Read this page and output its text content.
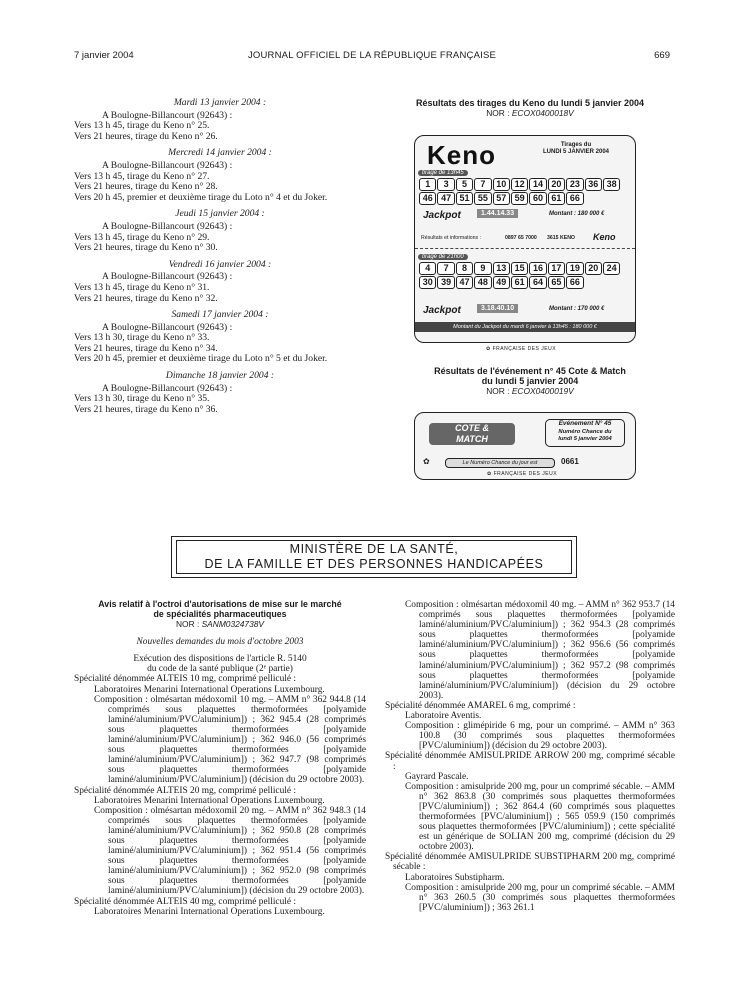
7 janvier 2004	JOURNAL OFFICIEL DE LA RÉPUBLIQUE FRANÇAISE	669
Mardi 13 janvier 2004 :
A Boulogne-Billancourt (92643) :
Vers 13 h 45, tirage du Keno n° 25.
Vers 21 heures, tirage du Keno n° 26.
Mercredi 14 janvier 2004 :
A Boulogne-Billancourt (92643) :
Vers 13 h 45, tirage du Keno n° 27.
Vers 21 heures, tirage du Keno n° 28.
Vers 20 h 45, premier et deuxième tirage du Loto n° 4 et du Joker.
Jeudi 15 janvier 2004 :
A Boulogne-Billancourt (92643) :
Vers 13 h 45, tirage du Keno n° 29.
Vers 21 heures, tirage du Keno n° 30.
Vendredi 16 janvier 2004 :
A Boulogne-Billancourt (92643) :
Vers 13 h 45, tirage du Keno n° 31.
Vers 21 heures, tirage du Keno n° 32.
Samedi 17 janvier 2004 :
A Boulogne-Billancourt (92643) :
Vers 13 h 30, tirage du Keno n° 33.
Vers 21 heures, tirage du Keno n° 34.
Vers 20 h 45, premier et deuxième tirage du Loto n° 5 et du Joker.
Dimanche 18 janvier 2004 :
A Boulogne-Billancourt (92643) :
Vers 13 h 30, tirage du Keno n° 35.
Vers 21 heures, tirage du Keno n° 36.
Résultats des tirages du Keno du lundi 5 janvier 2004
NOR : ECOX0400018V
Keno	Tirages du
LUNDI 5 JANVIER 2004
tirage de 13h45
1	3	5	7	10 12 14 20 23 36 38
46 47 51 55 57 59 60 61 66
Jackpot	1.44.14.33	Montant : 180 000 €
Résultats et informations :	0897 65 7000 3615 KENO Keno
tirage de 21h00
4	7	8	9	13 15 16 17 19 20 24
30 39 47 48 49 61 64 65 66
Jackpot	3.18.40.10	Montant : 170 000 €
Montant du Jackpot du mardi 6 janvier à 13h45 : 180 000 €
✿ FRANÇAISE DES JEUX
Résultats de l'événement n° 45 Cote & Match
du lundi 5 janvier 2004
NOR : ECOX0400019V
COTE &
MATCH
Evénement N° 45
Numéro Chance du
lundi 5 janvier 2004
✿	Le Numéro Chance du jour est	0661
✿ FRANÇAISE DES JEUX
MINISTÈRE DE LA SANTÉ,
DE LA FAMILLE ET DES PERSONNES HANDICAPÉES
Avis relatif à l'octroi d'autorisations de mise sur le marché
de spécialités pharmaceutiques
NOR : SANM0324738V
Nouvelles demandes du mois d'octobre 2003
Exécution des dispositions de l'article R. 5140
du code de la santé publique (2ᵉ partie)
Spécialité dénommée ALTEIS 10 mg, comprimé pelliculé :
Laboratoires Menarini International Operations Luxembourg.
Composition : olmésartan médoxomil 10 mg. – AMM n° 362 944.8 (14 comprimés sous plaquettes thermoformées [polyamide laminé/aluminium/PVC/aluminium]) ; 362 945.4 (28 comprimés sous plaquettes thermoformées [polyamide laminé/aluminium/PVC/aluminium]) ; 362 946.0 (56 comprimés sous plaquettes thermoformées [polyamide laminé/aluminium/PVC/aluminium]) ; 362 947.7 (98 comprimés sous plaquettes thermoformées [polyamide laminé/aluminium/PVC/aluminium]) (décision du 29 octobre 2003).
Spécialité dénommée ALTEIS 20 mg, comprimé pelliculé :
Laboratoires Menarini International Operations Luxembourg.
Composition : olmésartan médoxomil 20 mg. – AMM n° 362 948.3 (14 comprimés sous plaquettes thermoformées [polyamide laminé/aluminium/PVC/aluminium]) ; 362 950.8 (28 comprimés sous plaquettes thermoformées [polyamide laminé/aluminium/PVC/aluminium]) ; 362 951.4 (56 comprimés sous plaquettes thermoformées [polyamide laminé/aluminium/PVC/aluminium]) ; 362 952.0 (98 comprimés sous plaquettes thermoformées [polyamide laminé/aluminium/PVC/aluminium]) (décision du 29 octobre 2003).
Spécialité dénommée ALTEIS 40 mg, comprimé pelliculé :
Laboratoires Menarini International Operations Luxembourg.
Composition : olmésartan médoxomil 40 mg. – AMM n° 362 953.7 (14 comprimés sous plaquettes thermoformées [polyamide laminé/aluminium/PVC/aluminium]) ; 362 954.3 (28 comprimés sous plaquettes thermoformées [polyamide laminé/aluminium/PVC/aluminium]) ; 362 956.6 (56 comprimés sous plaquettes thermoformées [polyamide laminé/aluminium/PVC/aluminium]) ; 362 957.2 (98 comprimés sous plaquettes thermoformées [polyamide laminé/aluminium/PVC/aluminium]) (décision du 29 octobre 2003).
Spécialité dénommée AMAREL 6 mg, comprimé :
Laboratoire Aventis.
Composition : glimépiride 6 mg, pour un comprimé. – AMM n° 363 100.8 (30 comprimés sous plaquettes thermoformées [PVC/aluminium]) (décision du 29 octobre 2003).
Spécialité dénommée AMISULPRIDE ARROW 200 mg, comprimé sécable :
Gayrard Pascale.
Composition : amisulpride 200 mg, pour un comprimé sécable. – AMM n° 362 863.8 (30 comprimés sous plaquettes thermoformées [PVC/aluminium]) ; 362 864.4 (60 comprimés sous plaquettes thermoformées [PVC/aluminium]) ; 565 059.9 (150 comprimés sous plaquettes thermoformées [PVC/aluminium]) ; cette spécialité est un générique de SOLIAN 200 mg, comprimé (décision du 29 octobre 2003).
Spécialité dénommée AMISULPRIDE SUBSTIPHARM 200 mg, comprimé sécable :
Laboratoires Substipharm.
Composition : amisulpride 200 mg, pour un comprimé sécable. – AMM n° 363 260.5 (30 comprimés sous plaquettes thermoformées [PVC/aluminium]) ; 363 261.1
